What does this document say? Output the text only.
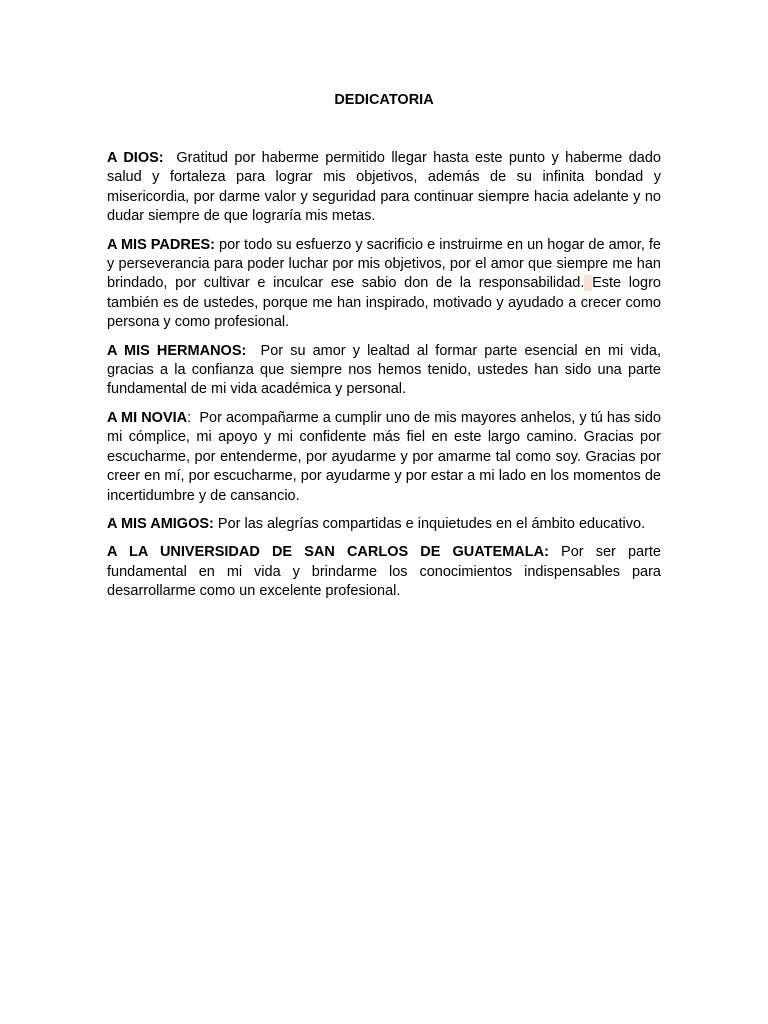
DEDICATORIA

A DIOS:  Gratitud por haberme permitido llegar hasta este punto y haberme dado salud y fortaleza para lograr mis objetivos, además de su infinita bondad y misericordia, por darme valor y seguridad para continuar siempre hacia adelante y no dudar siempre de que lograría mis metas.

A MIS PADRES: por todo su esfuerzo y sacrificio e instruirme en un hogar de amor, fe y perseverancia para poder luchar por mis objetivos, por el amor que siempre me han brindado, por cultivar e inculcar ese sabio don de la responsabilidad. Este logro también es de ustedes, porque me han inspirado, motivado y ayudado a crecer como persona y como profesional.

A MIS HERMANOS:  Por su amor y lealtad al formar parte esencial en mi vida, gracias a la confianza que siempre nos hemos tenido, ustedes han sido una parte fundamental de mi vida académica y personal.

A MI NOVIA:  Por acompañarme a cumplir uno de mis mayores anhelos, y tú has sido mi cómplice, mi apoyo y mi confidente más fiel en este largo camino. Gracias por escucharme, por entenderme, por ayudarme y por amarme tal como soy. Gracias por creer en mí, por escucharme, por ayudarme y por estar a mi lado en los momentos de incertidumbre y de cansancio.

A MIS AMIGOS: Por las alegrías compartidas e inquietudes en el ámbito educativo.

A LA UNIVERSIDAD DE SAN CARLOS DE GUATEMALA: Por ser parte fundamental en mi vida y brindarme los conocimientos indispensables para desarrollarme como un excelente profesional.
